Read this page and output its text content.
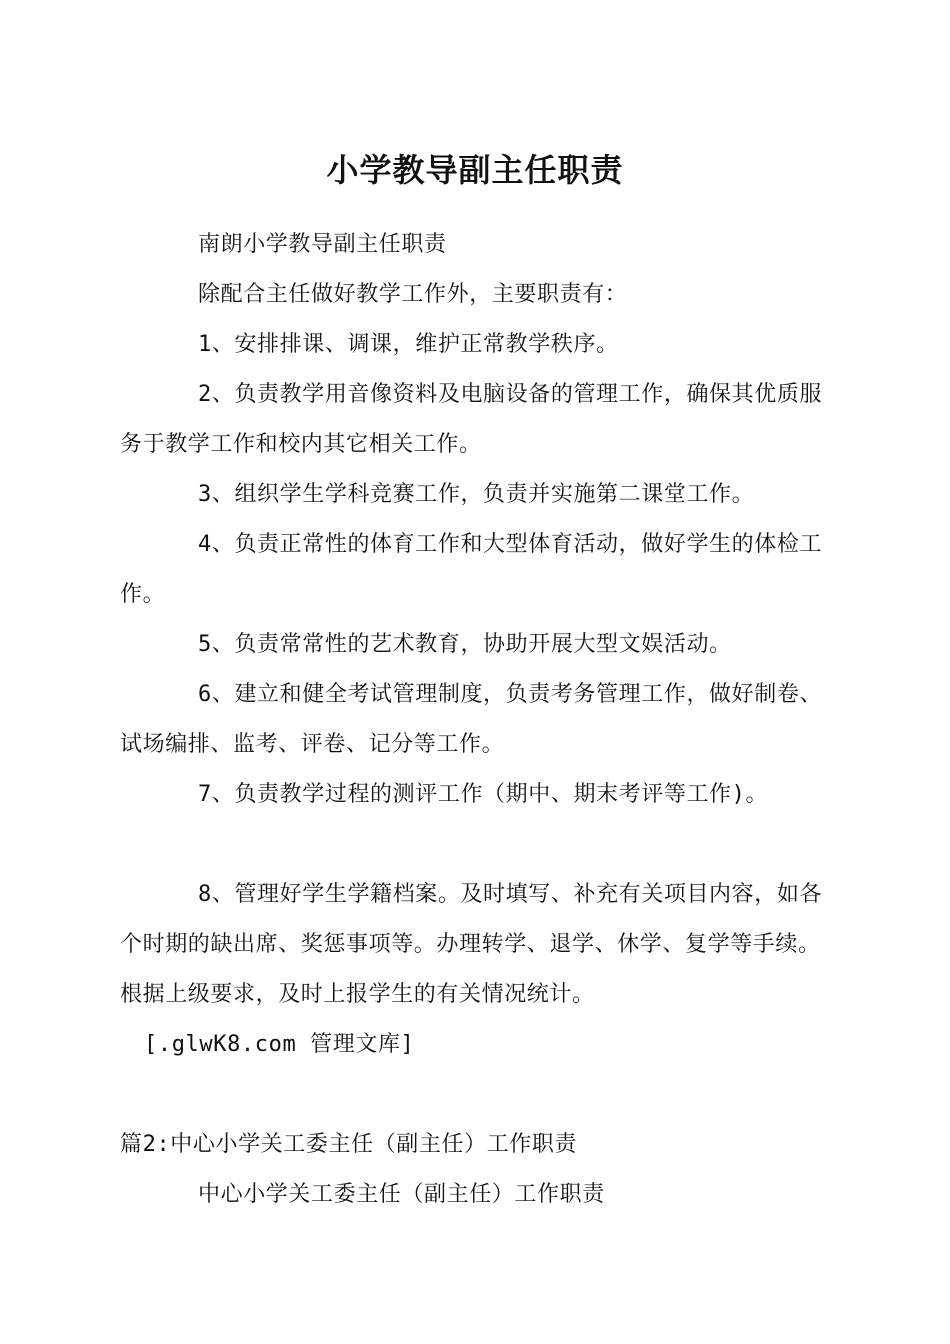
小学教导副主任职责

南朗小学教导副主任职责

除配合主任做好教学工作外，主要职责有：

1、安排排课、调课，维护正常教学秩序。

2、负责教学用音像资料及电脑设备的管理工作，确保其优质服务于教学工作和校内其它相关工作。

3、组织学生学科竞赛工作，负责并实施第二课堂工作。

4、负责正常性的体育工作和大型体育活动，做好学生的体检工作。

5、负责常常性的艺术教育，协助开展大型文娱活动。

6、建立和健全考试管理制度，负责考务管理工作，做好制卷、试场编排、监考、评卷、记分等工作。

7、负责教学过程的测评工作（期中、期末考评等工作)。

8、管理好学生学籍档案。及时填写、补充有关项目内容，如各个时期的缺出席、奖惩事项等。办理转学、退学、休学、复学等手续。根据上级要求，及时上报学生的有关情况统计。

[.glwK8.com 管理文库]

篇2:中心小学关工委主任（副主任）工作职责

中心小学关工委主任（副主任）工作职责
